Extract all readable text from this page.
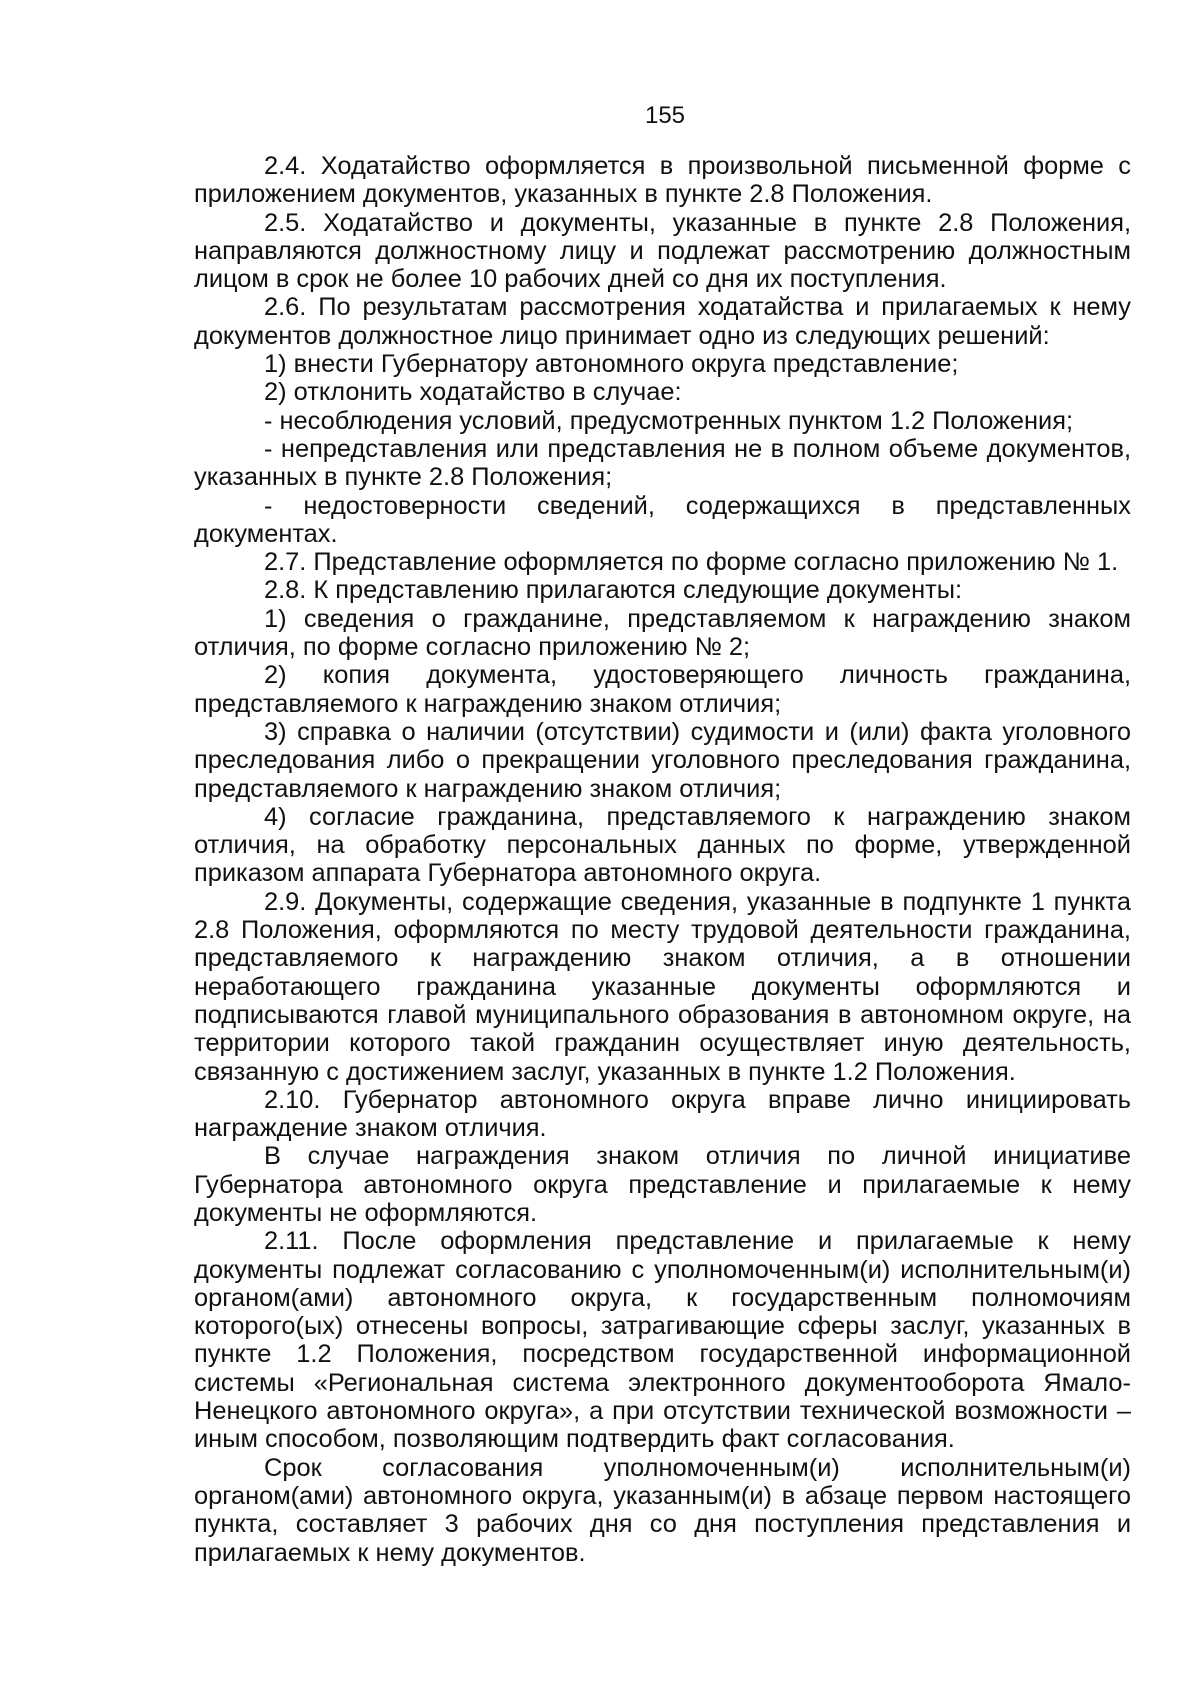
155

2.4. Ходатайство оформляется в произвольной письменной форме с приложением документов, указанных в пункте 2.8 Положения.

2.5. Ходатайство и документы, указанные в пункте 2.8 Положения, направляются должностному лицу и подлежат рассмотрению должностным лицом в срок не более 10 рабочих дней со дня их поступления.

2.6. По результатам рассмотрения ходатайства и прилагаемых к нему документов должностное лицо принимает одно из следующих решений:

1) внести Губернатору автономного округа представление;

2) отклонить ходатайство в случае:

- несоблюдения условий, предусмотренных пунктом 1.2 Положения;

- непредставления или представления не в полном объеме документов, указанных в пункте 2.8 Положения;

- недостоверности сведений, содержащихся в представленных документах.

2.7. Представление оформляется по форме согласно приложению № 1.

2.8. К представлению прилагаются следующие документы:

1) сведения о гражданине, представляемом к награждению знаком отличия, по форме согласно приложению № 2;

2) копия документа, удостоверяющего личность гражданина, представляемого к награждению знаком отличия;

3) справка о наличии (отсутствии) судимости и (или) факта уголовного преследования либо о прекращении уголовного преследования гражданина, представляемого к награждению знаком отличия;

4) согласие гражданина, представляемого к награждению знаком отличия, на обработку персональных данных по форме, утвержденной приказом аппарата Губернатора автономного округа.

2.9. Документы, содержащие сведения, указанные в подпункте 1 пункта 2.8 Положения, оформляются по месту трудовой деятельности гражданина, представляемого к награждению знаком отличия, а в отношении неработающего гражданина указанные документы оформляются и подписываются главой муниципального образования в автономном округе, на территории которого такой гражданин осуществляет иную деятельность, связанную с достижением заслуг, указанных в пункте 1.2 Положения.

2.10. Губернатор автономного округа вправе лично инициировать награждение знаком отличия.

В случае награждения знаком отличия по личной инициативе Губернатора автономного округа представление и прилагаемые к нему документы не оформляются.

2.11. После оформления представление и прилагаемые к нему документы подлежат согласованию с уполномоченным(и) исполнительным(и) органом(ами) автономного округа, к государственным полномочиям которого(ых) отнесены вопросы, затрагивающие сферы заслуг, указанных в пункте 1.2 Положения, посредством государственной информационной системы «Региональная система электронного документооборота Ямало-Ненецкого автономного округа», а при отсутствии технической возможности – иным способом, позволяющим подтвердить факт согласования.

Срок согласования уполномоченным(и) исполнительным(и) органом(ами) автономного округа, указанным(и) в абзаце первом настоящего пункта, составляет 3 рабочих дня со дня поступления представления и прилагаемых к нему документов.
